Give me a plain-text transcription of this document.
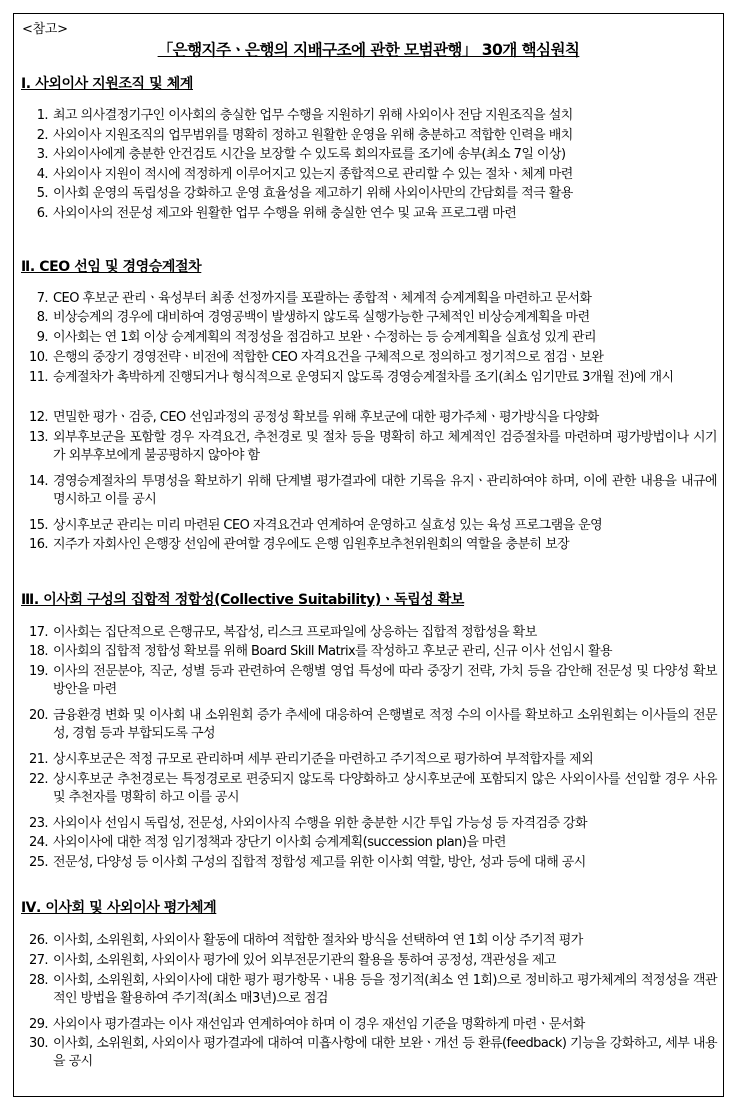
<참고>
「은행지주ㆍ은행의 지배구조에 관한 모범관행」 30개 핵심원칙
Ⅰ. 사외이사 지원조직 및 체계
1. 최고 의사결정기구인 이사회의 충실한 업무 수행을 지원하기 위해 사외이사 전담 지원조직을 설치
2. 사외이사 지원조직의 업무범위를 명확히 정하고 원활한 운영을 위해 충분하고 적합한 인력을 배치
3. 사외이사에게 충분한 안건검토 시간을 보장할 수 있도록 회의자료를 조기에 송부(최소 7일 이상)
4. 사외이사 지원이 적시에 적정하게 이루어지고 있는지 종합적으로 관리할 수 있는 절차ㆍ체계 마련
5. 이사회 운영의 독립성을 강화하고 운영 효율성을 제고하기 위해 사외이사만의 간담회를 적극 활용
6. 사외이사의 전문성 제고와 원활한 업무 수행을 위해 충실한 연수 및 교육 프로그램 마련
Ⅱ. CEO 선임 및 경영승계절차
7. CEO 후보군 관리ㆍ육성부터 최종 선정까지를 포괄하는 종합적ㆍ체계적 승계계획을 마련하고 문서화
8. 비상승계의 경우에 대비하여 경영공백이 발생하지 않도록 실행가능한 구체적인 비상승계계획을 마련
9. 이사회는 연 1회 이상 승계계획의 적정성을 점검하고 보완ㆍ수정하는 등 승계계획을 실효성 있게 관리
10. 은행의 중장기 경영전략ㆍ비전에 적합한 CEO 자격요건을 구체적으로 정의하고 정기적으로 점검ㆍ보완
11. 승계절차가 촉박하게 진행되거나 형식적으로 운영되지 않도록 경영승계절차를 조기(최소 임기만료 3개월 전)에 개시
12. 면밀한 평가ㆍ검증, CEO 선임과정의 공정성 확보를 위해 후보군에 대한 평가주체ㆍ평가방식을 다양화
13. 외부후보군을 포함할 경우 자격요건, 추천경로 및 절차 등을 명확히 하고 체계적인 검증절차를 마련하며 평가방법이나 시기가 외부후보에게 불공평하지 않아야 함
14. 경영승계절차의 투명성을 확보하기 위해 단계별 평가결과에 대한 기록을 유지ㆍ관리하여야 하며, 이에 관한 내용을 내규에 명시하고 이를 공시
15. 상시후보군 관리는 미리 마련된 CEO 자격요건과 연계하여 운영하고 실효성 있는 육성 프로그램을 운영
16. 지주가 자회사인 은행장 선임에 관여할 경우에도 은행 임원후보추천위원회의 역할을 충분히 보장
Ⅲ. 이사회 구성의 집합적 정합성(Collective Suitability)ㆍ독립성 확보
17. 이사회는 집단적으로 은행규모, 복잡성, 리스크 프로파일에 상응하는 집합적 정합성을 확보
18. 이사회의 집합적 정합성 확보를 위해 Board Skill Matrix를 작성하고 후보군 관리, 신규 이사 선임시 활용
19. 이사의 전문분야, 직군, 성별 등과 관련하여 은행별 영업 특성에 따라 중장기 전략, 가치 등을 감안해 전문성 및 다양성 확보 방안을 마련
20. 금융환경 변화 및 이사회 내 소위원회 증가 추세에 대응하여 은행별로 적정 수의 이사를 확보하고 소위원회는 이사들의 전문성, 경험 등과 부합되도록 구성
21. 상시후보군은 적정 규모로 관리하며 세부 관리기준을 마련하고 주기적으로 평가하여 부적합자를 제외
22. 상시후보군 추천경로는 특정경로로 편중되지 않도록 다양화하고 상시후보군에 포함되지 않은 사외이사를 선임할 경우 사유 및 추천자를 명확히 하고 이를 공시
23. 사외이사 선임시 독립성, 전문성, 사외이사직 수행을 위한 충분한 시간 투입 가능성 등 자격검증 강화
24. 사외이사에 대한 적정 임기정책과 장단기 이사회 승계계획(succession plan)을 마련
25. 전문성, 다양성 등 이사회 구성의 집합적 정합성 제고를 위한 이사회 역할, 방안, 성과 등에 대해 공시
Ⅳ. 이사회 및 사외이사 평가체계
26. 이사회, 소위원회, 사외이사 활동에 대하여 적합한 절차와 방식을 선택하여 연 1회 이상 주기적 평가
27. 이사회, 소위원회, 사외이사 평가에 있어 외부전문기관의 활용을 통하여 공정성, 객관성을 제고
28. 이사회, 소위원회, 사외이사에 대한 평가 평가항목ㆍ내용 등을 정기적(최소 연 1회)으로 정비하고 평가체계의 적정성을 객관적인 방법을 활용하여 주기적(최소 매3년)으로 점검
29. 사외이사 평가결과는 이사 재선임과 연계하여야 하며 이 경우 재선임 기준을 명확하게 마련ㆍ문서화
30. 이사회, 소위원회, 사외이사 평가결과에 대하여 미흡사항에 대한 보완ㆍ개선 등 환류(feedback) 기능을 강화하고, 세부 내용을 공시
